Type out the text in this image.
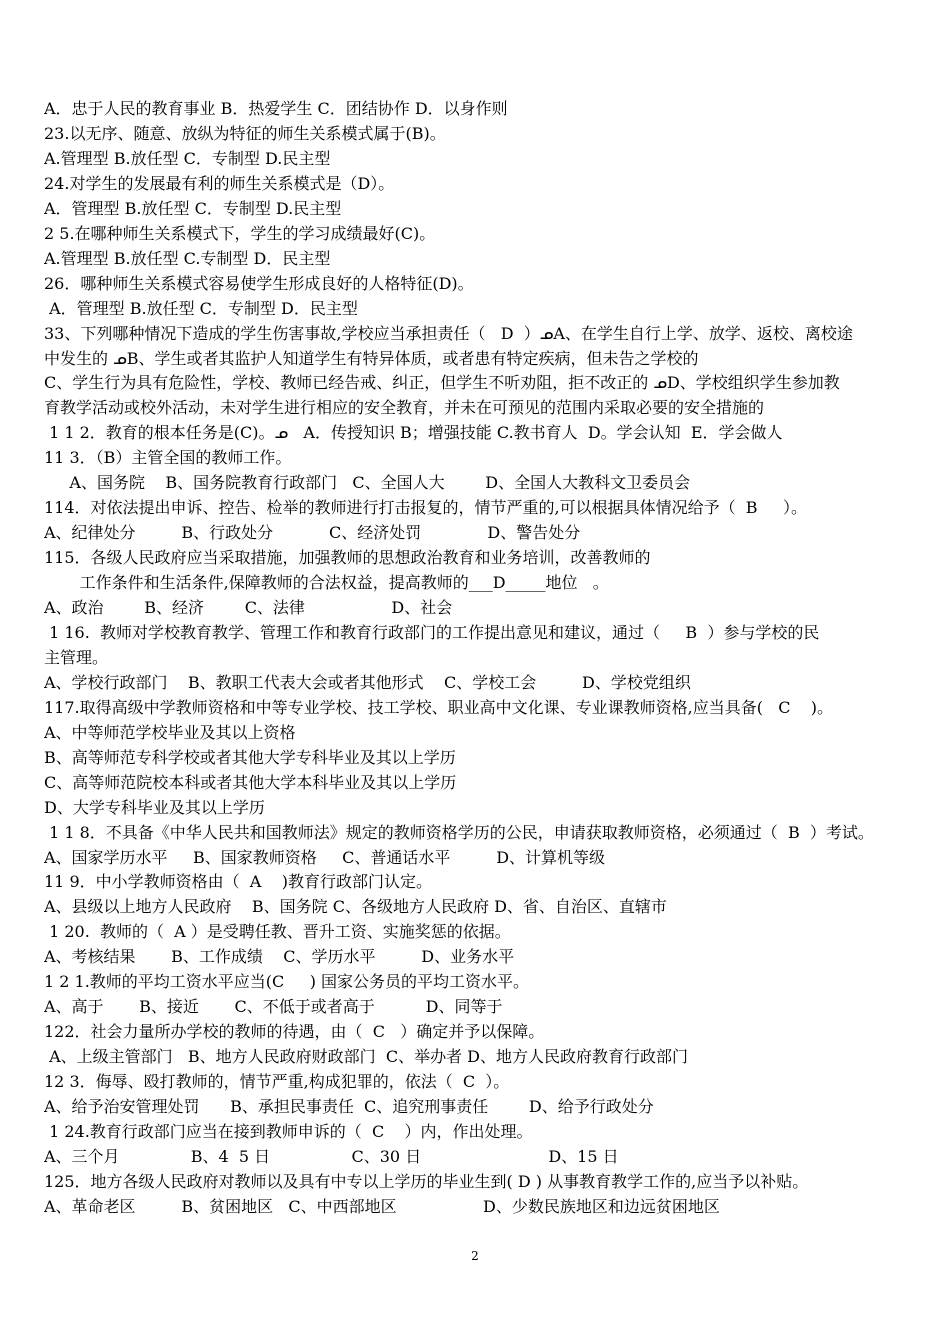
A．忠于人民的教育事业 B．热爱学生 C．团结协作 D．以身作则
23.以无序、随意、放纵为特征的师生关系模式属于(B)。
A.管理型 B.放任型 C．专制型 D.民主型
24.对学生的发展最有利的师生关系模式是（D）。
A．管理型 B.放任型 C．专制型 D.民主型
2 5.在哪种师生关系模式下，学生的学习成绩最好(C)。
A.管理型 B.放任型 C.专制型 D．民主型
26．哪种师生关系模式容易使学生形成良好的人格特征(D)。
A．管理型 B.放任型 C．专制型 D．民主型
33、下列哪种情况下造成的学生伤害事故,学校应当承担责任（   D  ）ᓄA、在学生自行上学、放学、返校、离校途
中发生的 ᓄB、学生或者其监护人知道学生有特异体质，或者患有特定疾病，但未告之学校的
C、学生行为具有危险性，学校、教师已经告戒、纠正，但学生不听劝阻，拒不改正的 ᓄD、学校组织学生参加教
育教学活动或校外活动，未对学生进行相应的安全教育，并未在可预见的范围内采取必要的安全措施的
1 1 2．教育的根本任务是(C)。ᓄ   A．传授知识 B；增强技能 C.教书育人  D。学会认知  E．学会做人
11 3．（B）主管全国的教师工作。
A、国务院    B、国务院教育行政部门   C、全国人大        D、全国人大教科文卫委员会
114．对依法提出申诉、控告、检举的教师进行打击报复的，情节严重的,可以根据具体情况给予（  B     ）。
A、纪律处分         B、行政处分           C、经济处罚             D、警告处分
115．各级人民政府应当采取措施，加强教师的思想政治教育和业务培训，改善教师的
工作条件和生活条件,保障教师的合法权益，提高教师的___D_____地位   。
A、政治        B、经济        C、法律                 D、社会
1 16.  教师对学校教育教学、管理工作和教育行政部门的工作提出意见和建议，通过（     B  ）参与学校的民
主管理。
A、学校行政部门    B、教职工代表大会或者其他形式    C、学校工会         D、学校党组织
117.取得高级中学教师资格和中等专业学校、技工学校、职业高中文化课、专业课教师资格,应当具备(   C    )。
A、中等师范学校毕业及其以上资格
B、高等师范专科学校或者其他大学专科毕业及其以上学历
C、高等师范院校本科或者其他大学本科毕业及其以上学历
D、大学专科毕业及其以上学历
1 1 8．不具备《中华人民共和国教师法》规定的教师资格学历的公民，申请获取教师资格，必须通过（  B  ）考试。
A、国家学历水平     B、国家教师资格     C、普通话水平         D、计算机等级
11 9．中小学教师资格由（  A    )教育行政部门认定。
A、县级以上地方人民政府    B、国务院 C、各级地方人民政府 D、省、自治区、直辖市
1 20.  教师的（  A ）是受聘任教、晋升工资、实施奖惩的依据。
A、考核结果       B、工作成绩    C、学历水平         D、业务水平
1 2 1.教师的平均工资水平应当(C     ) 国家公务员的平均工资水平。
A、高于       B、接近       C、不低于或者高于          D、同等于
122．社会力量所办学校的教师的待遇，由（  C   ）确定并予以保障。
A、上级主管部门   B、地方人民政府财政部门  C、举办者 D、地方人民政府教育行政部门
12 3．侮辱、殴打教师的，情节严重,构成犯罪的，依法（  C  ）。
A、给予治安管理处罚      B、承担民事责任  C、追究刑事责任        D、给予行政处分
1 24.教育行政部门应当在接到教师申诉的（  C    ）内，作出处理。
A、三个月              B、4  5 日                C、30 日                         D、15 日
125．地方各级人民政府对教师以及具有中专以上学历的毕业生到( D ) 从事教育教学工作的,应当予以补贴。
A、革命老区         B、贫困地区   C、中西部地区                 D、少数民族地区和边远贫困地区
2
